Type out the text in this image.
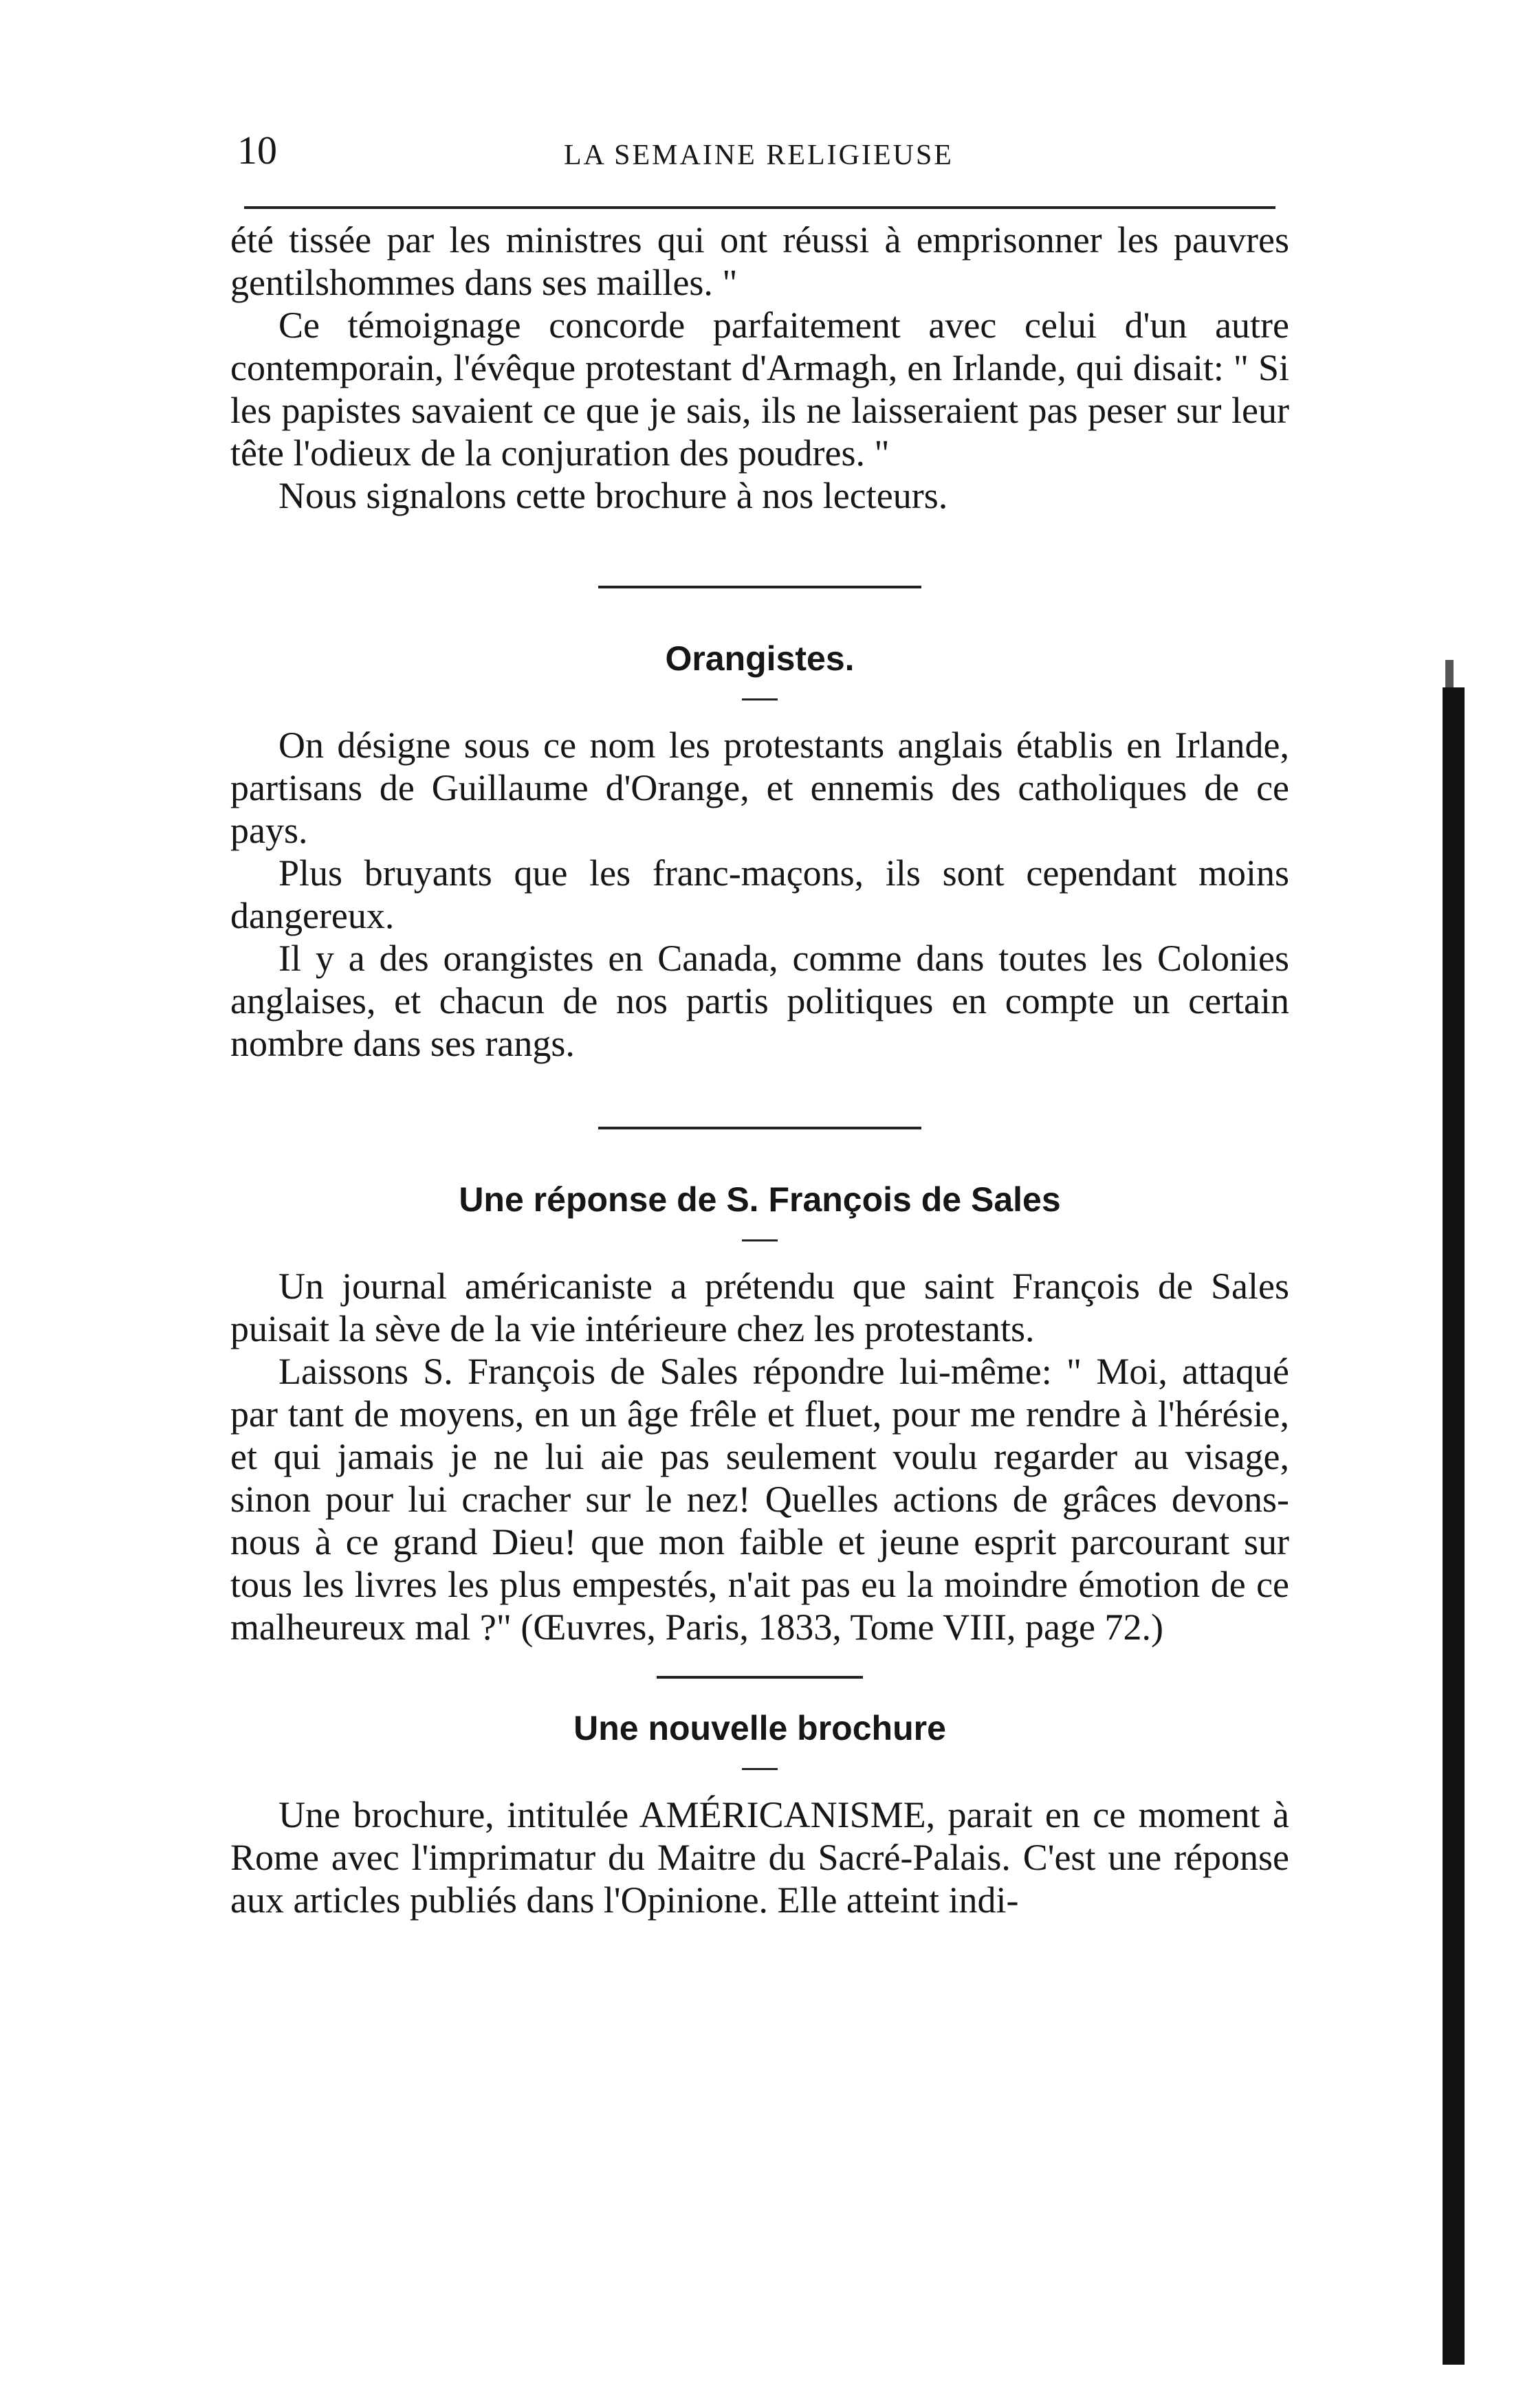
10	LA SEMAINE RELIGIEUSE

été tissée par les ministres qui ont réussi à emprisonner les pauvres gentilshommes dans ses mailles. "

Ce témoignage concorde parfaitement avec celui d'un autre contemporain, l'évêque protestant d'Armagh, en Irlande, qui disait: " Si les papistes savaient ce que je sais, ils ne laisseraient pas peser sur leur tête l'odieux de la conjuration des poudres. "

Nous signalons cette brochure à nos lecteurs.

Orangistes.

On désigne sous ce nom les protestants anglais établis en Irlande, partisans de Guillaume d'Orange, et ennemis des catholiques de ce pays.

Plus bruyants que les franc-maçons, ils sont cependant moins dangereux.

Il y a des orangistes en Canada, comme dans toutes les Colonies anglaises, et chacun de nos partis politiques en compte un certain nombre dans ses rangs.

Une réponse de S. François de Sales

Un journal américaniste a prétendu que saint François de Sales puisait la sève de la vie intérieure chez les protestants.

Laissons S. François de Sales répondre lui-même: " Moi, attaqué par tant de moyens, en un âge frêle et fluet, pour me rendre à l'hérésie, et qui jamais je ne lui aie pas seulement voulu regarder au visage, sinon pour lui cracher sur le nez! Quelles actions de grâces devons-nous à ce grand Dieu! que mon faible et jeune esprit parcourant sur tous les livres les plus empestés, n'ait pas eu la moindre émotion de ce malheureux mal ?" (Œuvres, Paris, 1833, Tome VIII, page 72.)

Une nouvelle brochure

Une brochure, intitulée AMÉRICANISME, parait en ce moment à Rome avec l'imprimatur du Maitre du Sacré-Palais. C'est une réponse aux articles publiés dans l'Opinione. Elle atteint indi-
